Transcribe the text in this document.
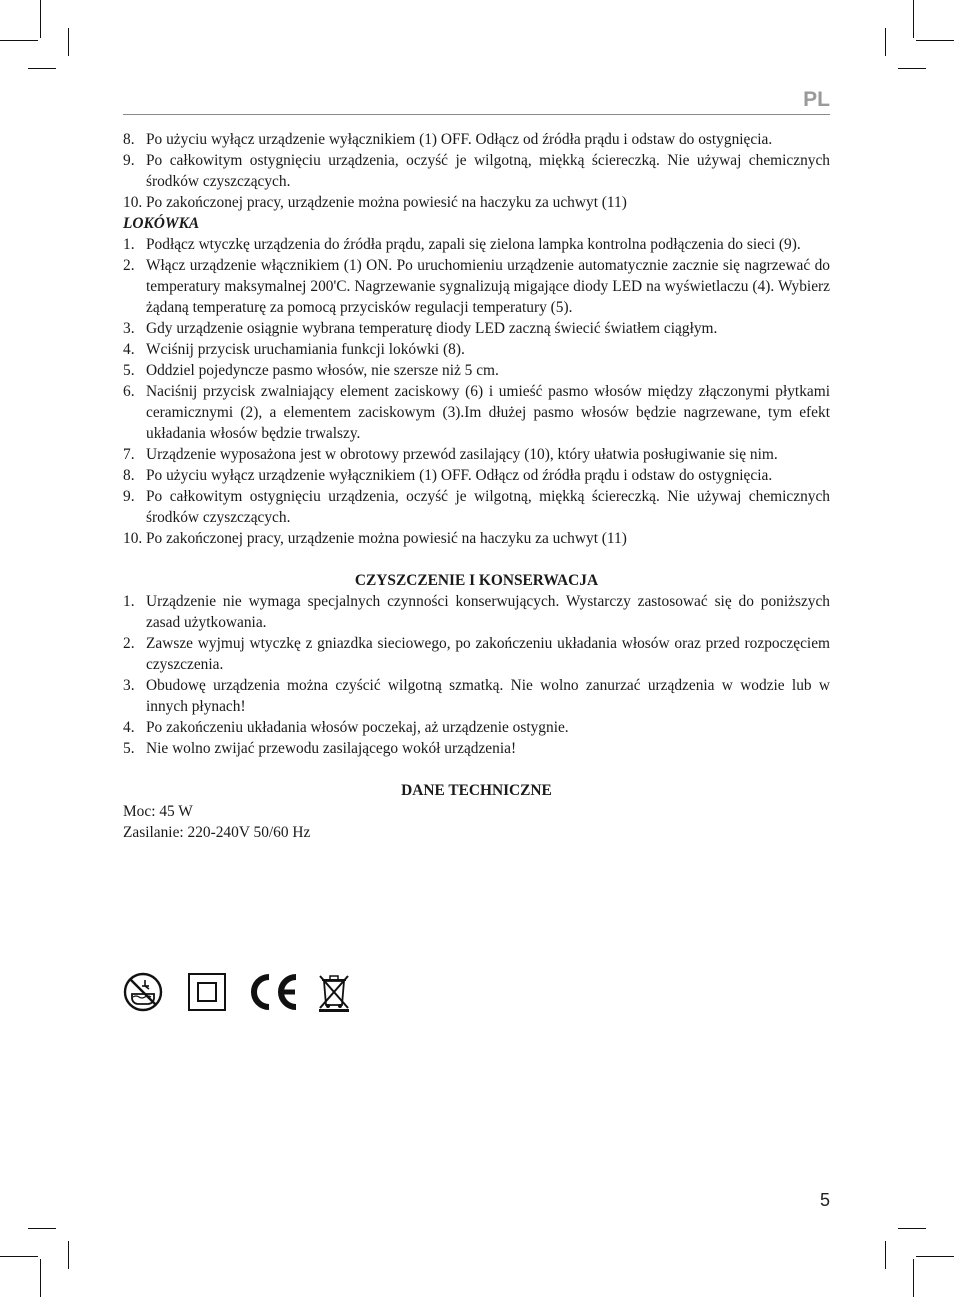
PL
8. Po użyciu wyłącz urządzenie wyłącznikiem (1) OFF. Odłącz od źródła prądu i odstaw do ostygnięcia.
9. Po całkowitym ostygnięciu urządzenia, oczyść je wilgotną, miękką ściereczką. Nie używaj chemicznych środków czyszczących.
10. Po zakończonej pracy, urządzenie można powiesić na haczyku za uchwyt (11)
LOKÓWKA
1. Podłącz wtyczkę urządzenia do źródła prądu, zapali się zielona lampka kontrolna podłączenia do sieci (9).
2. Włącz urządzenie włącznikiem (1) ON. Po uruchomieniu urządzenie automatycznie zacznie się nagrzewać do temperatury maksymalnej 200'C. Nagrzewanie sygnalizują migające diody LED na wyświetlaczu (4). Wybierz żądaną temperaturę za pomocą przycisków regulacji temperatury (5).
3. Gdy urządzenie osiągnie wybrana temperaturę diody LED zaczną świecić światłem ciągłym.
4. Wciśnij przycisk uruchamiania funkcji lokówki (8).
5. Oddziel pojedyncze pasmo włosów, nie szersze niż 5 cm.
6. Naciśnij przycisk zwalniający element zaciskowy (6) i umieść pasmo włosów między złączonymi płytkami ceramicznymi (2), a elementem zaciskowym (3).Im dłużej pasmo włosów będzie nagrzewane, tym efekt układania włosów będzie trwalszy.
7. Urządzenie wyposażona jest w obrotowy przewód zasilający (10), który ułatwia posługiwanie się nim.
8. Po użyciu wyłącz urządzenie wyłącznikiem (1) OFF. Odłącz od źródła prądu i odstaw do ostygnięcia.
9. Po całkowitym ostygnięciu urządzenia, oczyść je wilgotną, miękką ściereczką. Nie używaj chemicznych środków czyszczących.
10. Po zakończonej pracy, urządzenie można powiesić na haczyku za uchwyt (11)
CZYSZCZENIE I KONSERWACJA
1. Urządzenie nie wymaga specjalnych czynności konserwujących. Wystarczy zastosować się do poniższych zasad użytkowania.
2. Zawsze wyjmuj wtyczkę z gniazdka sieciowego, po zakończeniu układania włosów oraz przed rozpoczęciem czyszczenia.
3. Obudowę urządzenia można czyścić wilgotną szmatką. Nie wolno zanurzać urządzenia w wodzie lub w innych płynach!
4. Po zakończeniu układania włosów poczekaj, aż urządzenie ostygnie.
5. Nie wolno zwijać przewodu zasilającego wokół urządzenia!
DANE TECHNICZNE

Moc: 45 W

Zasilanie: 220-240V 50/60 Hz

5
